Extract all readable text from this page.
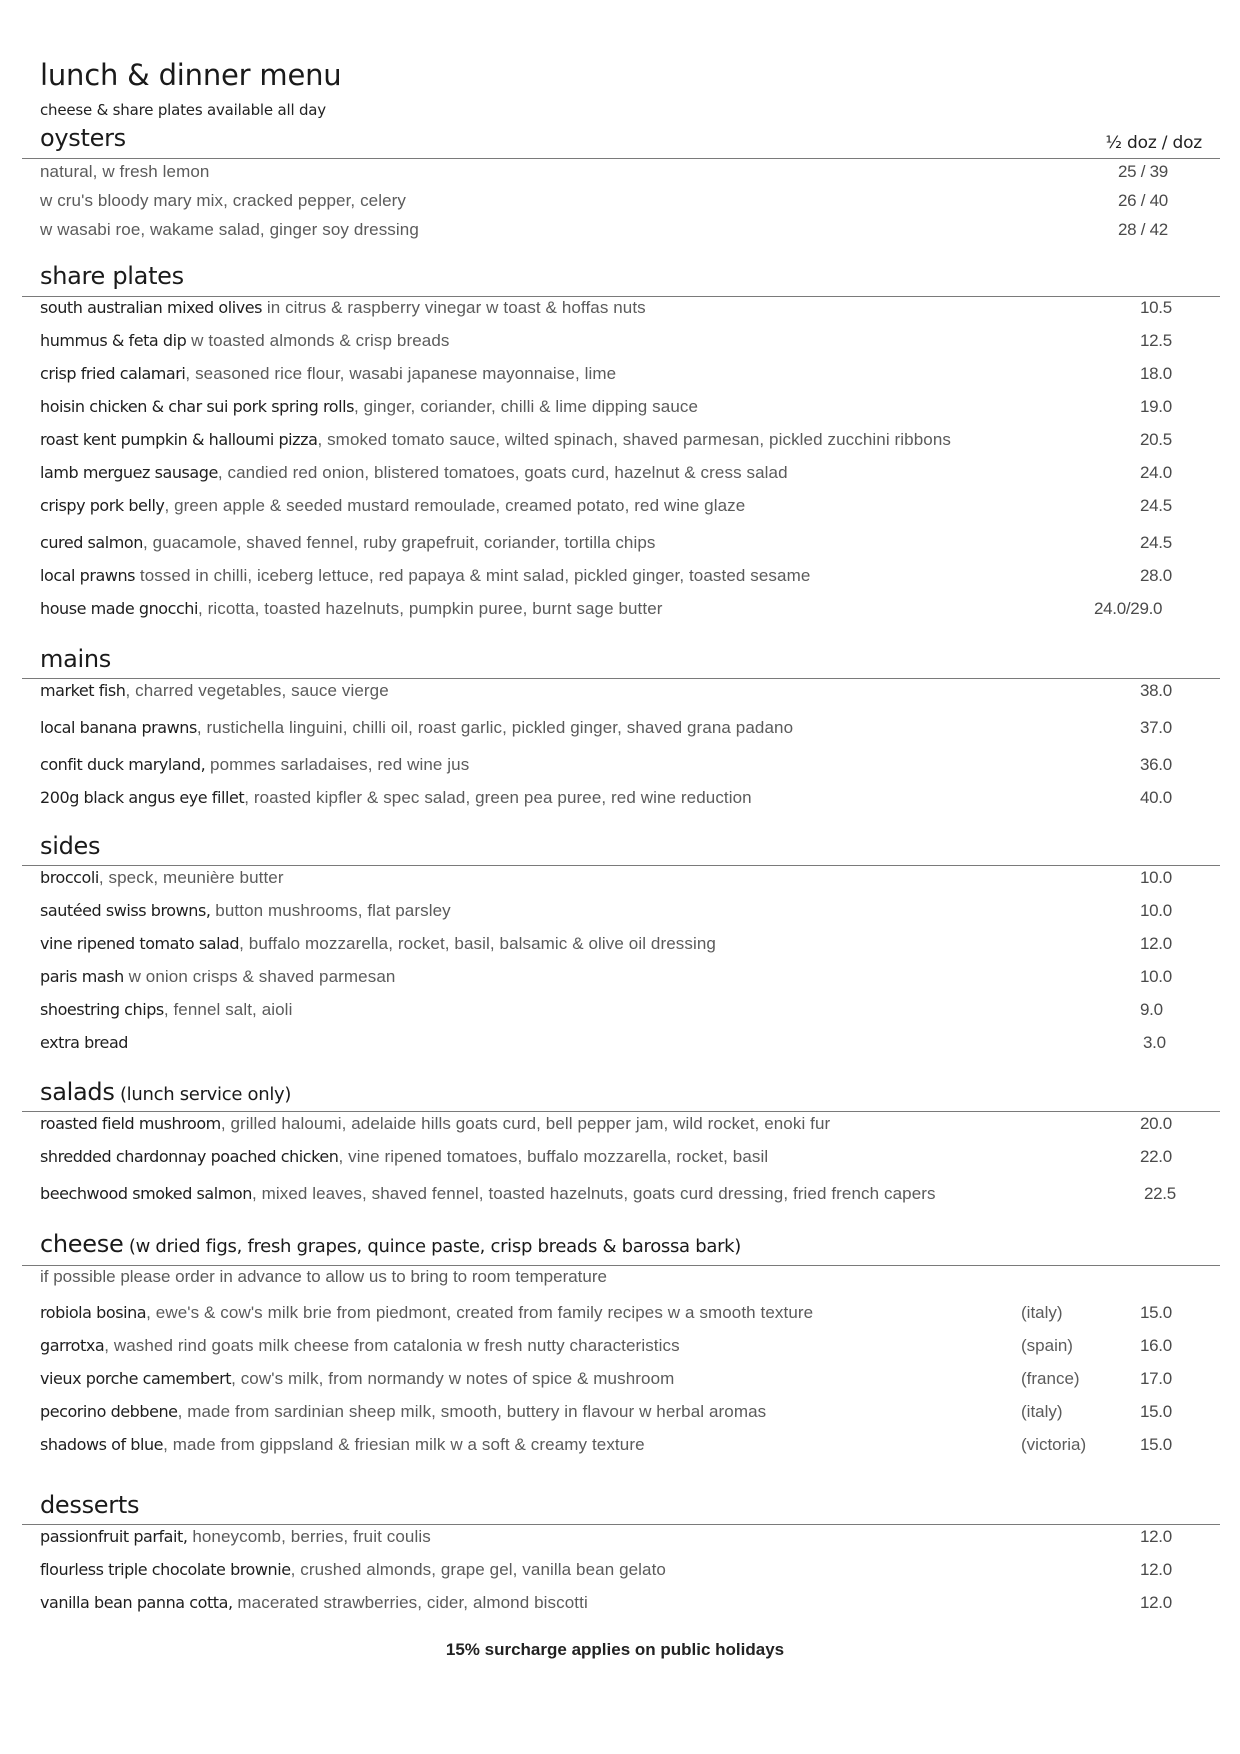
lunch & dinner menu
cheese & share plates available all day
oysters	½ doz / doz
natural, w fresh lemon	25 / 39
w cru's bloody mary mix, cracked pepper, celery	26 / 40
w wasabi roe, wakame salad, ginger soy dressing	28 / 42
share plates
south australian mixed olives in citrus & raspberry vinegar w toast & hoffas nuts	10.5
hummus & feta dip w toasted almonds & crisp breads	12.5
crisp fried calamari, seasoned rice flour, wasabi japanese mayonnaise, lime	18.0
hoisin chicken & char sui pork spring rolls, ginger, coriander, chilli & lime dipping sauce	19.0
roast kent pumpkin & halloumi pizza, smoked tomato sauce, wilted spinach, shaved parmesan, pickled zucchini ribbons	20.5
lamb merguez sausage, candied red onion, blistered tomatoes, goats curd, hazelnut & cress salad	24.0
crispy pork belly, green apple & seeded mustard remoulade, creamed potato, red wine glaze	24.5
cured salmon, guacamole, shaved fennel, ruby grapefruit, coriander, tortilla chips	24.5
local prawns tossed in chilli, iceberg lettuce, red papaya & mint salad, pickled ginger, toasted sesame	28.0
house made gnocchi, ricotta, toasted hazelnuts, pumpkin puree, burnt sage butter	24.0/29.0
mains
market fish, charred vegetables, sauce vierge	38.0
local banana prawns, rustichella linguini, chilli oil, roast garlic, pickled ginger, shaved grana padano	37.0
confit duck maryland, pommes sarladaises, red wine jus	36.0
200g black angus eye fillet, roasted kipfler & spec salad, green pea puree, red wine reduction	40.0
sides
broccoli, speck, meunière butter	10.0
sautéed swiss browns, button mushrooms, flat parsley	10.0
vine ripened tomato salad, buffalo mozzarella, rocket, basil, balsamic & olive oil dressing	12.0
paris mash w onion crisps & shaved parmesan	10.0
shoestring chips, fennel salt, aioli	9.0
extra bread	3.0
salads (lunch service only)
roasted field mushroom, grilled haloumi, adelaide hills goats curd, bell pepper jam, wild rocket, enoki fur	20.0
shredded chardonnay poached chicken, vine ripened tomatoes, buffalo mozzarella, rocket, basil	22.0
beechwood smoked salmon, mixed leaves, shaved fennel, toasted hazelnuts, goats curd dressing, fried french capers	22.5
cheese (w dried figs, fresh grapes, quince paste, crisp breads & barossa bark)
if possible please order in advance to allow us to bring to room temperature
robiola bosina, ewe's & cow's milk brie from piedmont, created from family recipes w a smooth texture	(italy)	15.0
garrotxa, washed rind goats milk cheese from catalonia w fresh nutty characteristics	(spain)	16.0
vieux porche camembert, cow's milk, from normandy w notes of spice & mushroom	(france)	17.0
pecorino debbene, made from sardinian sheep milk, smooth, buttery in flavour w herbal aromas	(italy)	15.0
shadows of blue, made from gippsland & friesian milk w a soft & creamy texture	(victoria)	15.0
desserts
passionfruit parfait, honeycomb, berries, fruit coulis	12.0
flourless triple chocolate brownie, crushed almonds, grape gel, vanilla bean gelato	12.0
vanilla bean panna cotta, macerated strawberries, cider, almond biscotti	12.0
15% surcharge applies on public holidays
